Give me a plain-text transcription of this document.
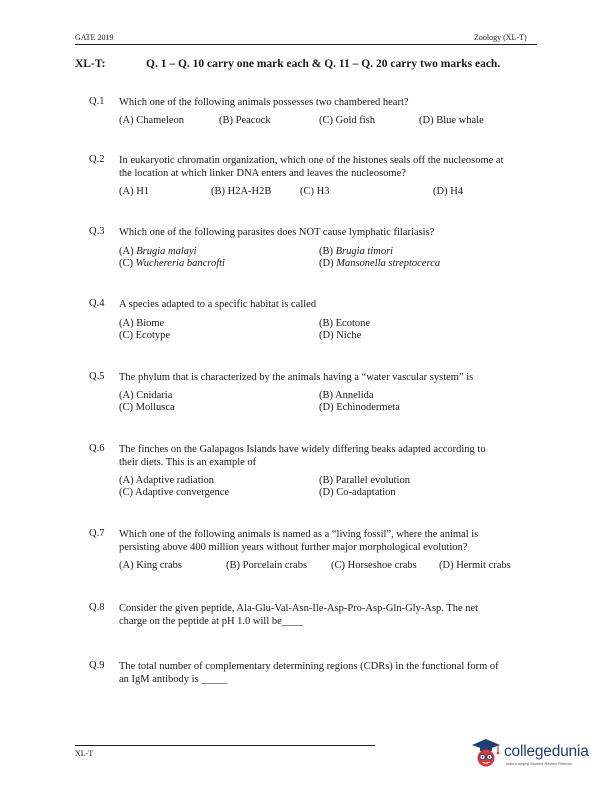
GATE 2019	Zoology (XL-T)
XL-T:	Q. 1 – Q. 10 carry one mark each & Q. 11 – Q. 20 carry two marks each.
Q.1 Which one of the following animals possesses two chambered heart?
(A) Chameleon	(B) Peacock	(C) Gold fish	(D) Blue whale
Q.2 In eukaryotic chromatin organization, which one of the histones seals off the nucleosome at
the location at which linker DNA enters and leaves the nucleosome?
(A) H1	(B) H2A-H2B	(C) H3	(D) H4
Q.3 Which one of the following parasites does NOT cause lymphatic filariasis?
(A) Brugia malayi	(B) Brugia timori
(C) Wuchereria bancrofti	(D) Mansonella streptocerca
Q.4 A species adapted to a specific habitat is called
(A) Biome	(B) Ecotone
(C) Ecotype	(D) Niche
Q.5 The phylum that is characterized by the animals having a “water vascular system” is
(A) Cnidaria	(B) Annelida
(C) Mollusca	(D) Echinodermeta
Q.6 The finches on the Galapagos Islands have widely differing beaks adapted according to
their diets. This is an example of
(A) Adaptive radiation	(B) Parallel evolution
(C) Adaptive convergence	(D) Co-adaptation
Q.7 Which one of the following animals is named as a “living fossil”, where the animal is
persisting above 400 million years without further major morphological evolution?
(A) King crabs	(B) Porcelain crabs (C) Horseshoe crabs (D) Hermit crabs
Q.8 Consider the given peptide, Ala-Glu-Val-Asn-Ile-Asp-Pro-Asp-Gln-Gly-Asp. The net
charge on the peptide at pH 1.0 will be____
Q.9 The total number of complementary determining regions (CDRs) in the functional form of
an IgM antibody is _____
XL-T	collegedunia
India's largest Student Review Platform
